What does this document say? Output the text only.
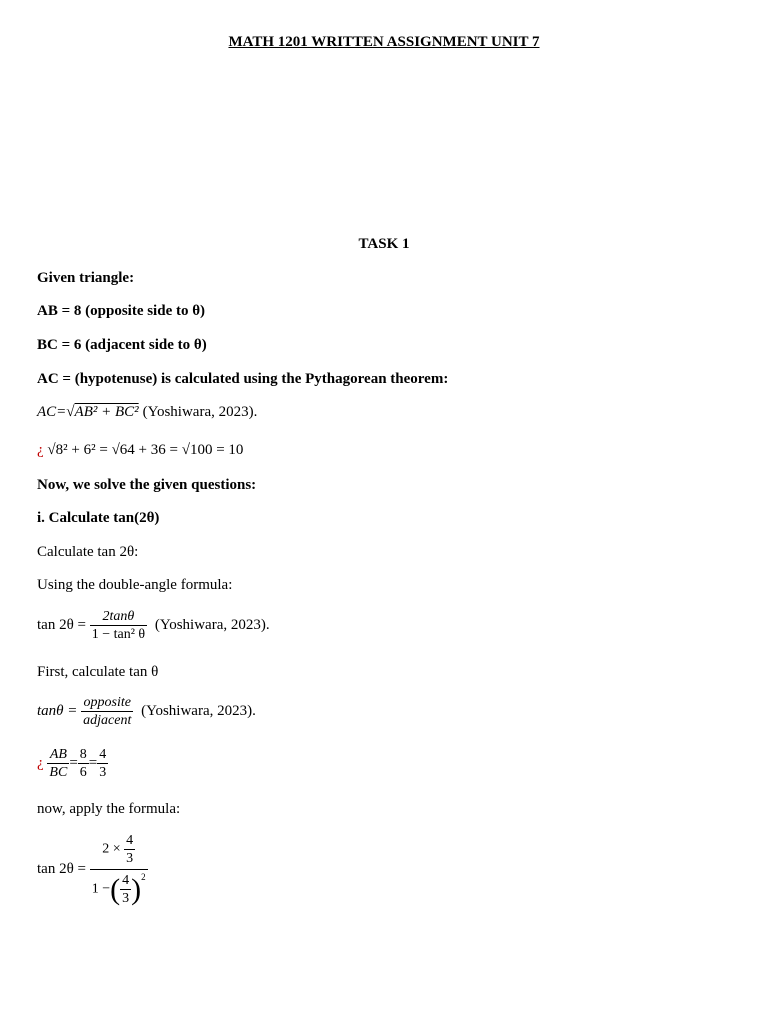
MATH 1201 WRITTEN ASSIGNMENT UNIT 7
TASK 1
Given triangle:
AB = 8 (opposite side to θ)
BC = 6 (adjacent side to θ)
AC = (hypotenuse) is calculated using the Pythagorean theorem:
AC=√AB² + BC² (Yoshiwara, 2023).
¿ √8² + 6² = √64 + 36 = √100 = 10
Now, we solve the given questions:
i. Calculate tan(2θ)
Calculate tan 2θ:
Using the double-angle formula:
$\tan 2\theta = \frac{2\tan\theta}{\text{1 − tan² θ}}$ (Yoshiwara, 2023).
First, calculate tan θ
$\tan\theta = \frac{\text{opposite}}{\text{adjacent}}$ (Yoshiwara, 2023).
¿ $\frac{AB}{BC} = \frac{8}{6} = \frac{4}{3}$
now, apply the formula:
$\tan 2\theta = \frac{2 \times \frac{4}{3}}{1 -( \frac{4}{3} )^2}$
